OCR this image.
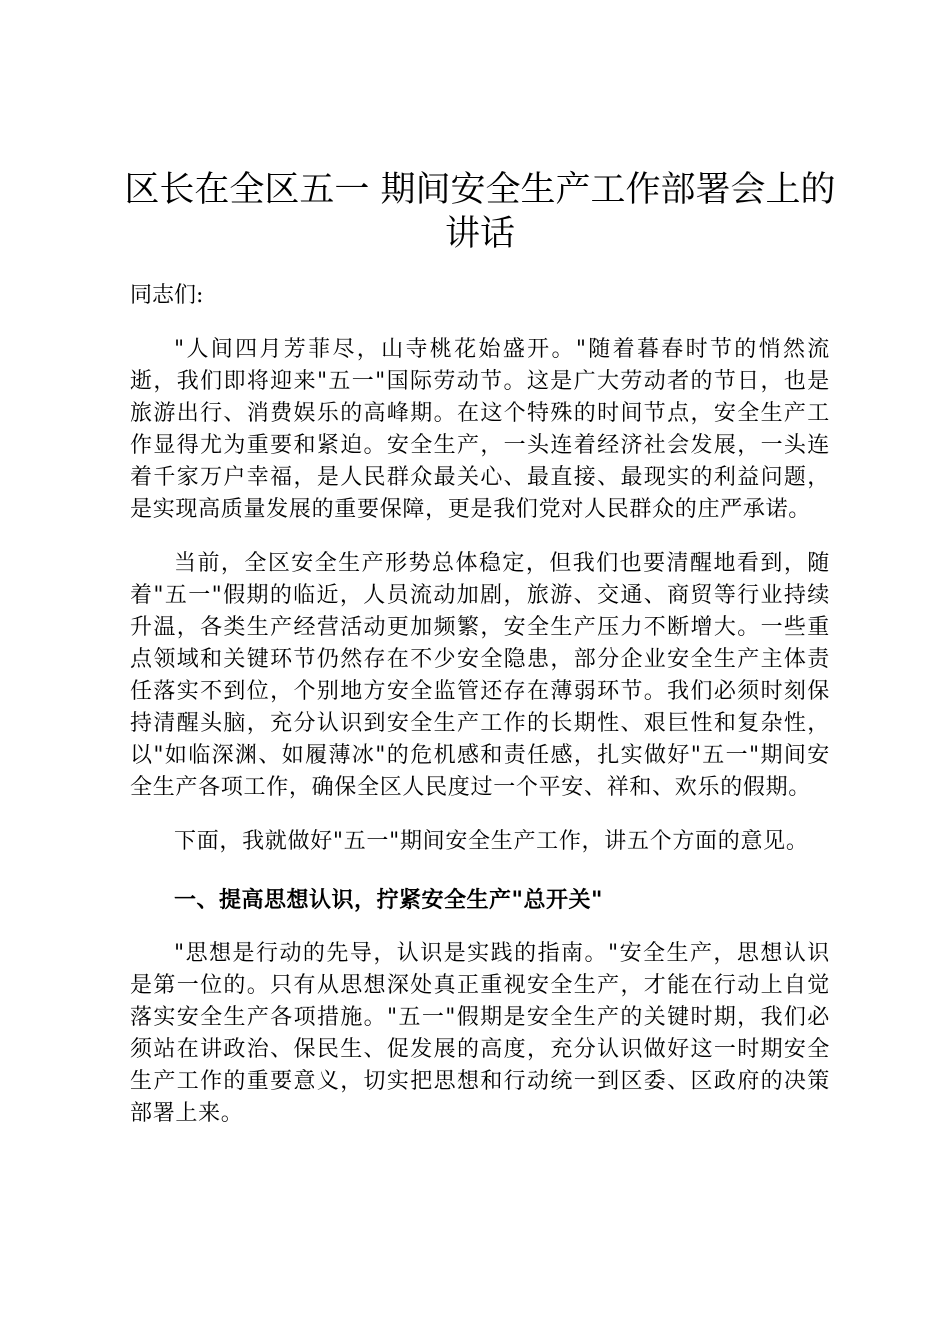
区长在全区五一 期间安全生产工作部署会上的讲话

同志们:

"人间四月芳菲尽，山寺桃花始盛开。"随着暮春时节的悄然流逝，我们即将迎来"五一"国际劳动节。这是广大劳动者的节日，也是旅游出行、消费娱乐的高峰期。在这个特殊的时间节点，安全生产工作显得尤为重要和紧迫。安全生产，一头连着经济社会发展，一头连着千家万户幸福，是人民群众最关心、最直接、最现实的利益问题，是实现高质量发展的重要保障，更是我们党对人民群众的庄严承诺。

当前，全区安全生产形势总体稳定，但我们也要清醒地看到，随着"五一"假期的临近，人员流动加剧，旅游、交通、商贸等行业持续升温，各类生产经营活动更加频繁，安全生产压力不断增大。一些重点领域和关键环节仍然存在不少安全隐患，部分企业安全生产主体责任落实不到位，个别地方安全监管还存在薄弱环节。我们必须时刻保持清醒头脑，充分认识到安全生产工作的长期性、艰巨性和复杂性，以"如临深渊、如履薄冰"的危机感和责任感，扎实做好"五一"期间安全生产各项工作，确保全区人民度过一个平安、祥和、欢乐的假期。

下面，我就做好"五一"期间安全生产工作，讲五个方面的意见。

一、提高思想认识，拧紧安全生产"总开关"

"思想是行动的先导，认识是实践的指南。"安全生产，思想认识是第一位的。只有从思想深处真正重视安全生产，才能在行动上自觉落实安全生产各项措施。"五一"假期是安全生产的关键时期，我们必须站在讲政治、保民生、促发展的高度，充分认识做好这一时期安全生产工作的重要意义，切实把思想和行动统一到区委、区政府的决策部署上来。
